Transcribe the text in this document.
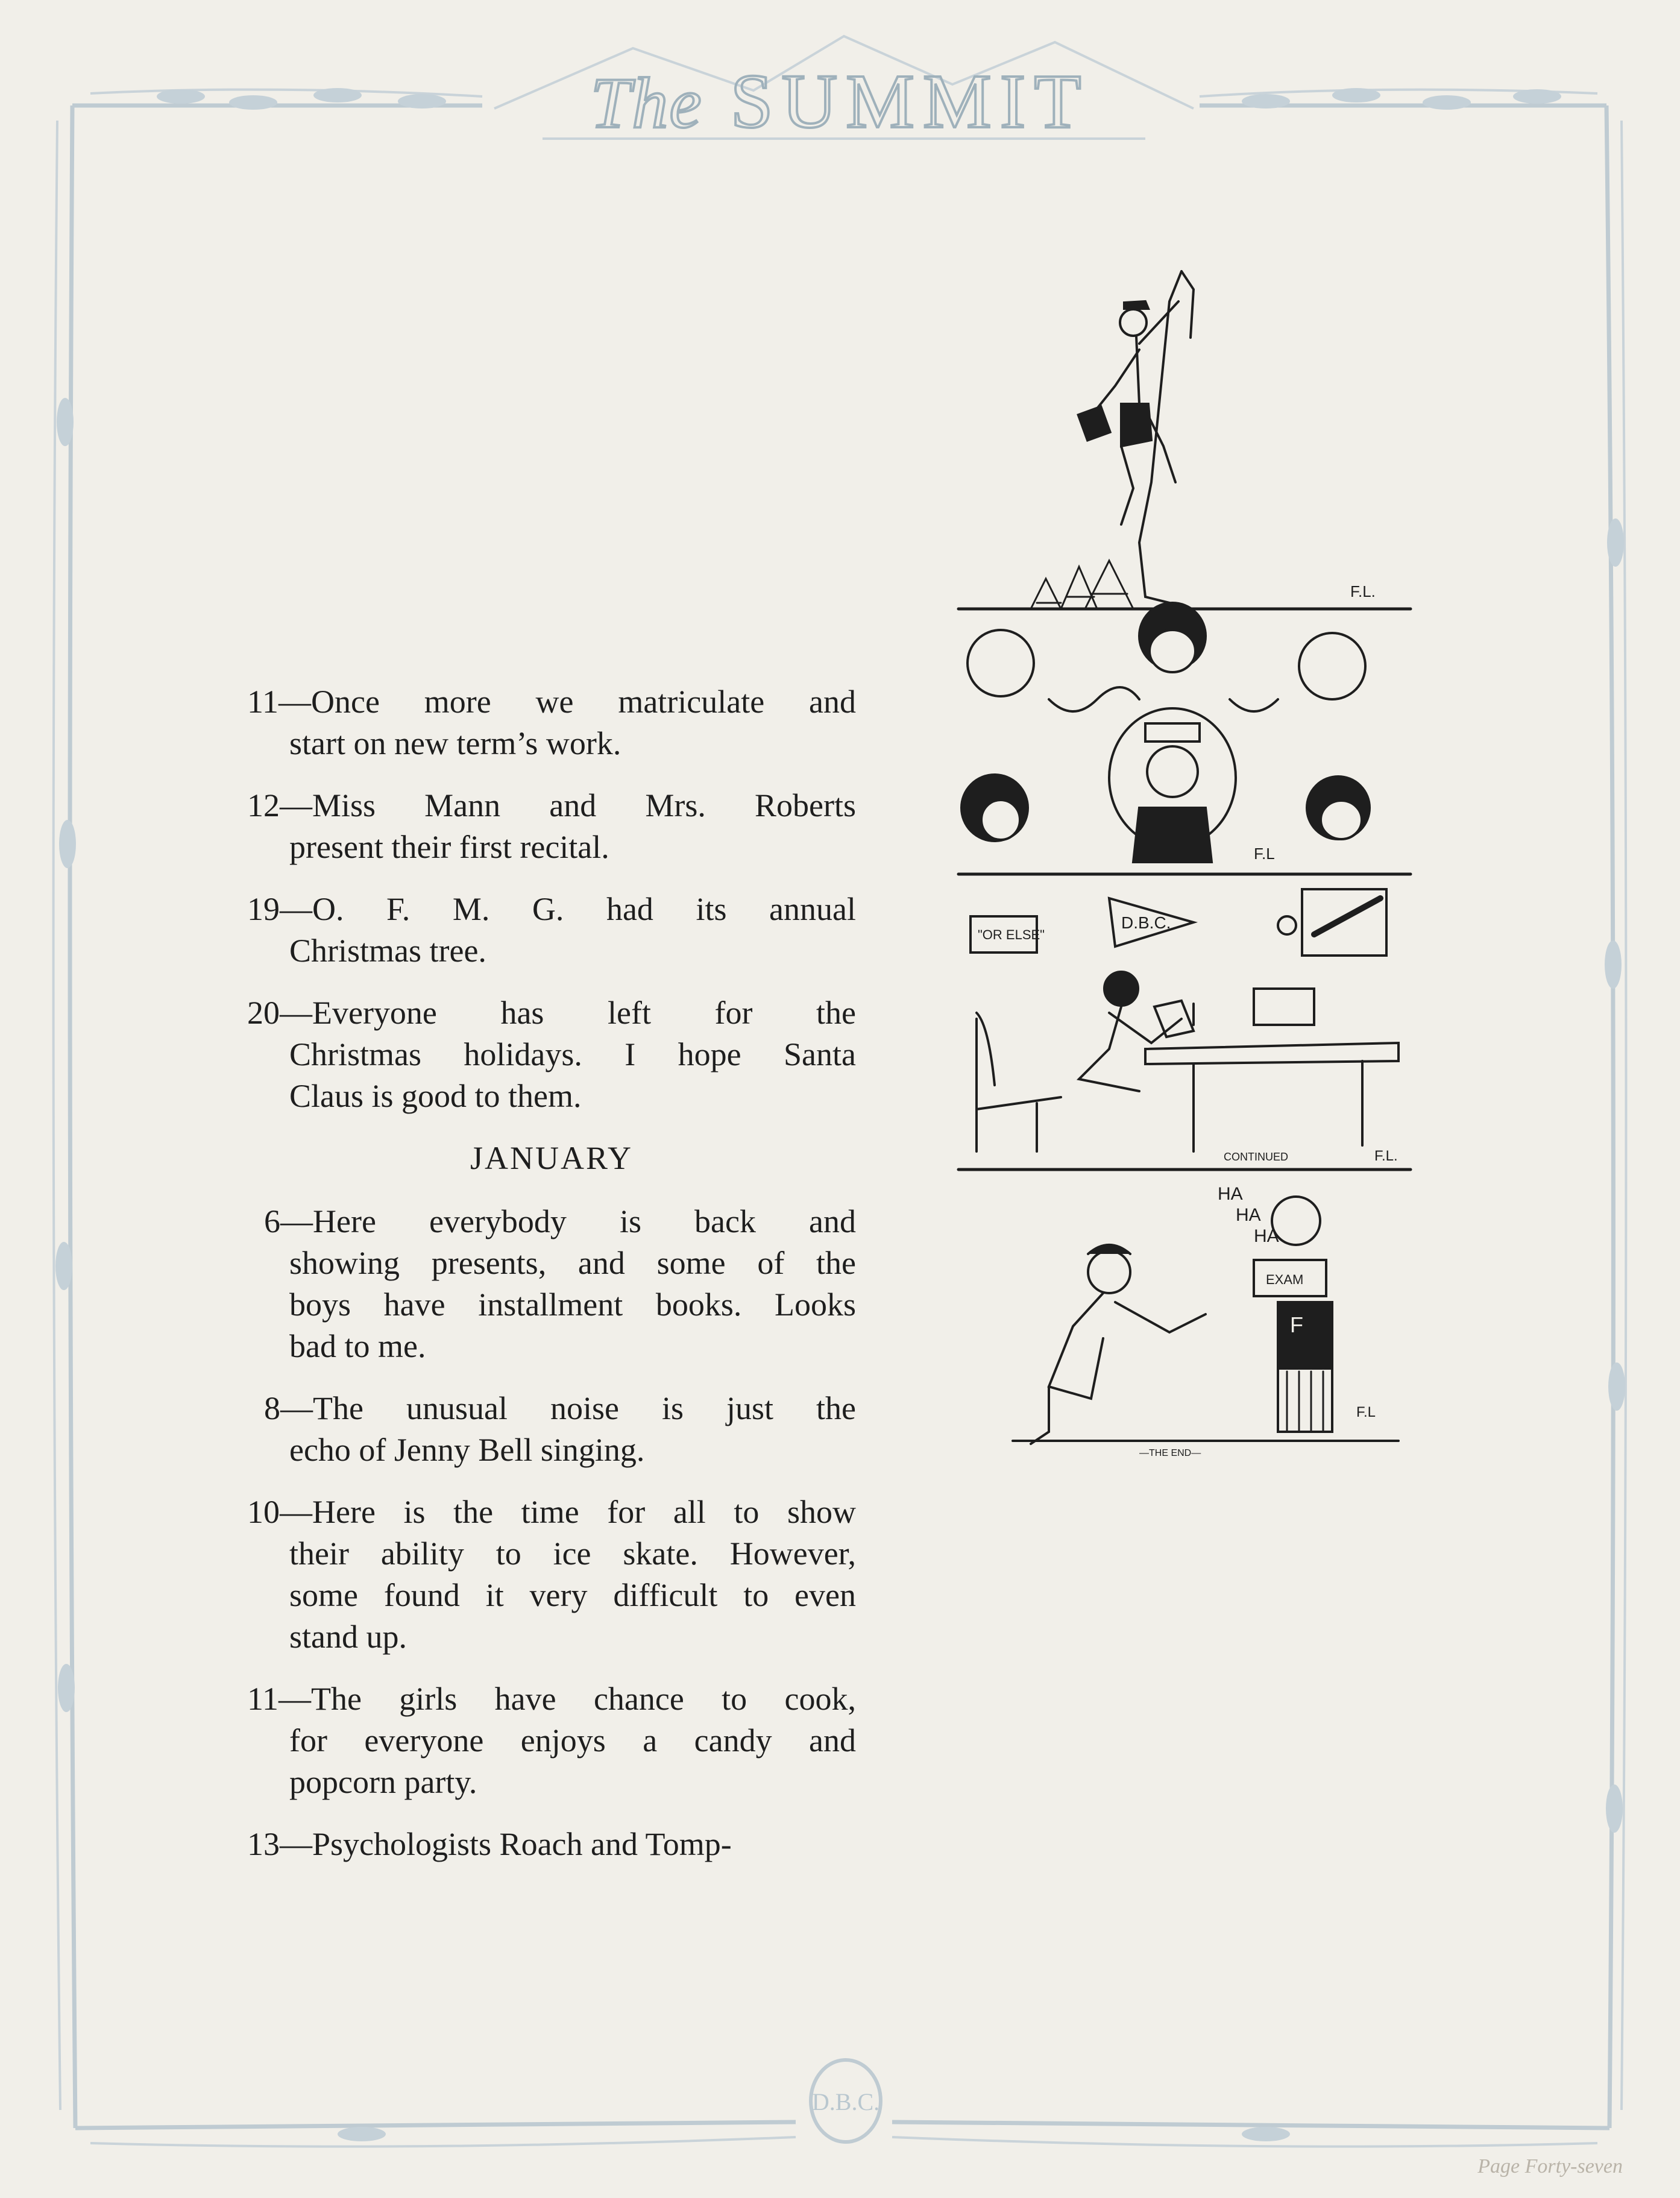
The SUMMIT
11—Once more we matriculate and
start on new term’s work.
12—Miss Mann and Mrs. Roberts
present their first recital.
19—O. F. M. G. had its annual
Christmas tree.
20—Everyone has left for the
Christmas holidays. I hope Santa
Claus is good to them.
JANUARY
6—Here everybody is back and
showing presents, and some of the
boys have installment books. Looks
bad to me.
8—The unusual noise is just the
echo of Jenny Bell singing.
10—Here is the time for all to show
their ability to ice skate. However,
some found it very difficult to even
stand up.
11—The girls have chance to cook,
for everyone enjoys a candy and
popcorn party.
13—Psychologists Roach and Tomp-
F.L.
F.L
"OR ELSE"
D.B.C.
CONTINUED	F.L.
HA
HA
HA
EXAM
F
F.L
—THE END—
D.B.C.
Page Forty-seven
